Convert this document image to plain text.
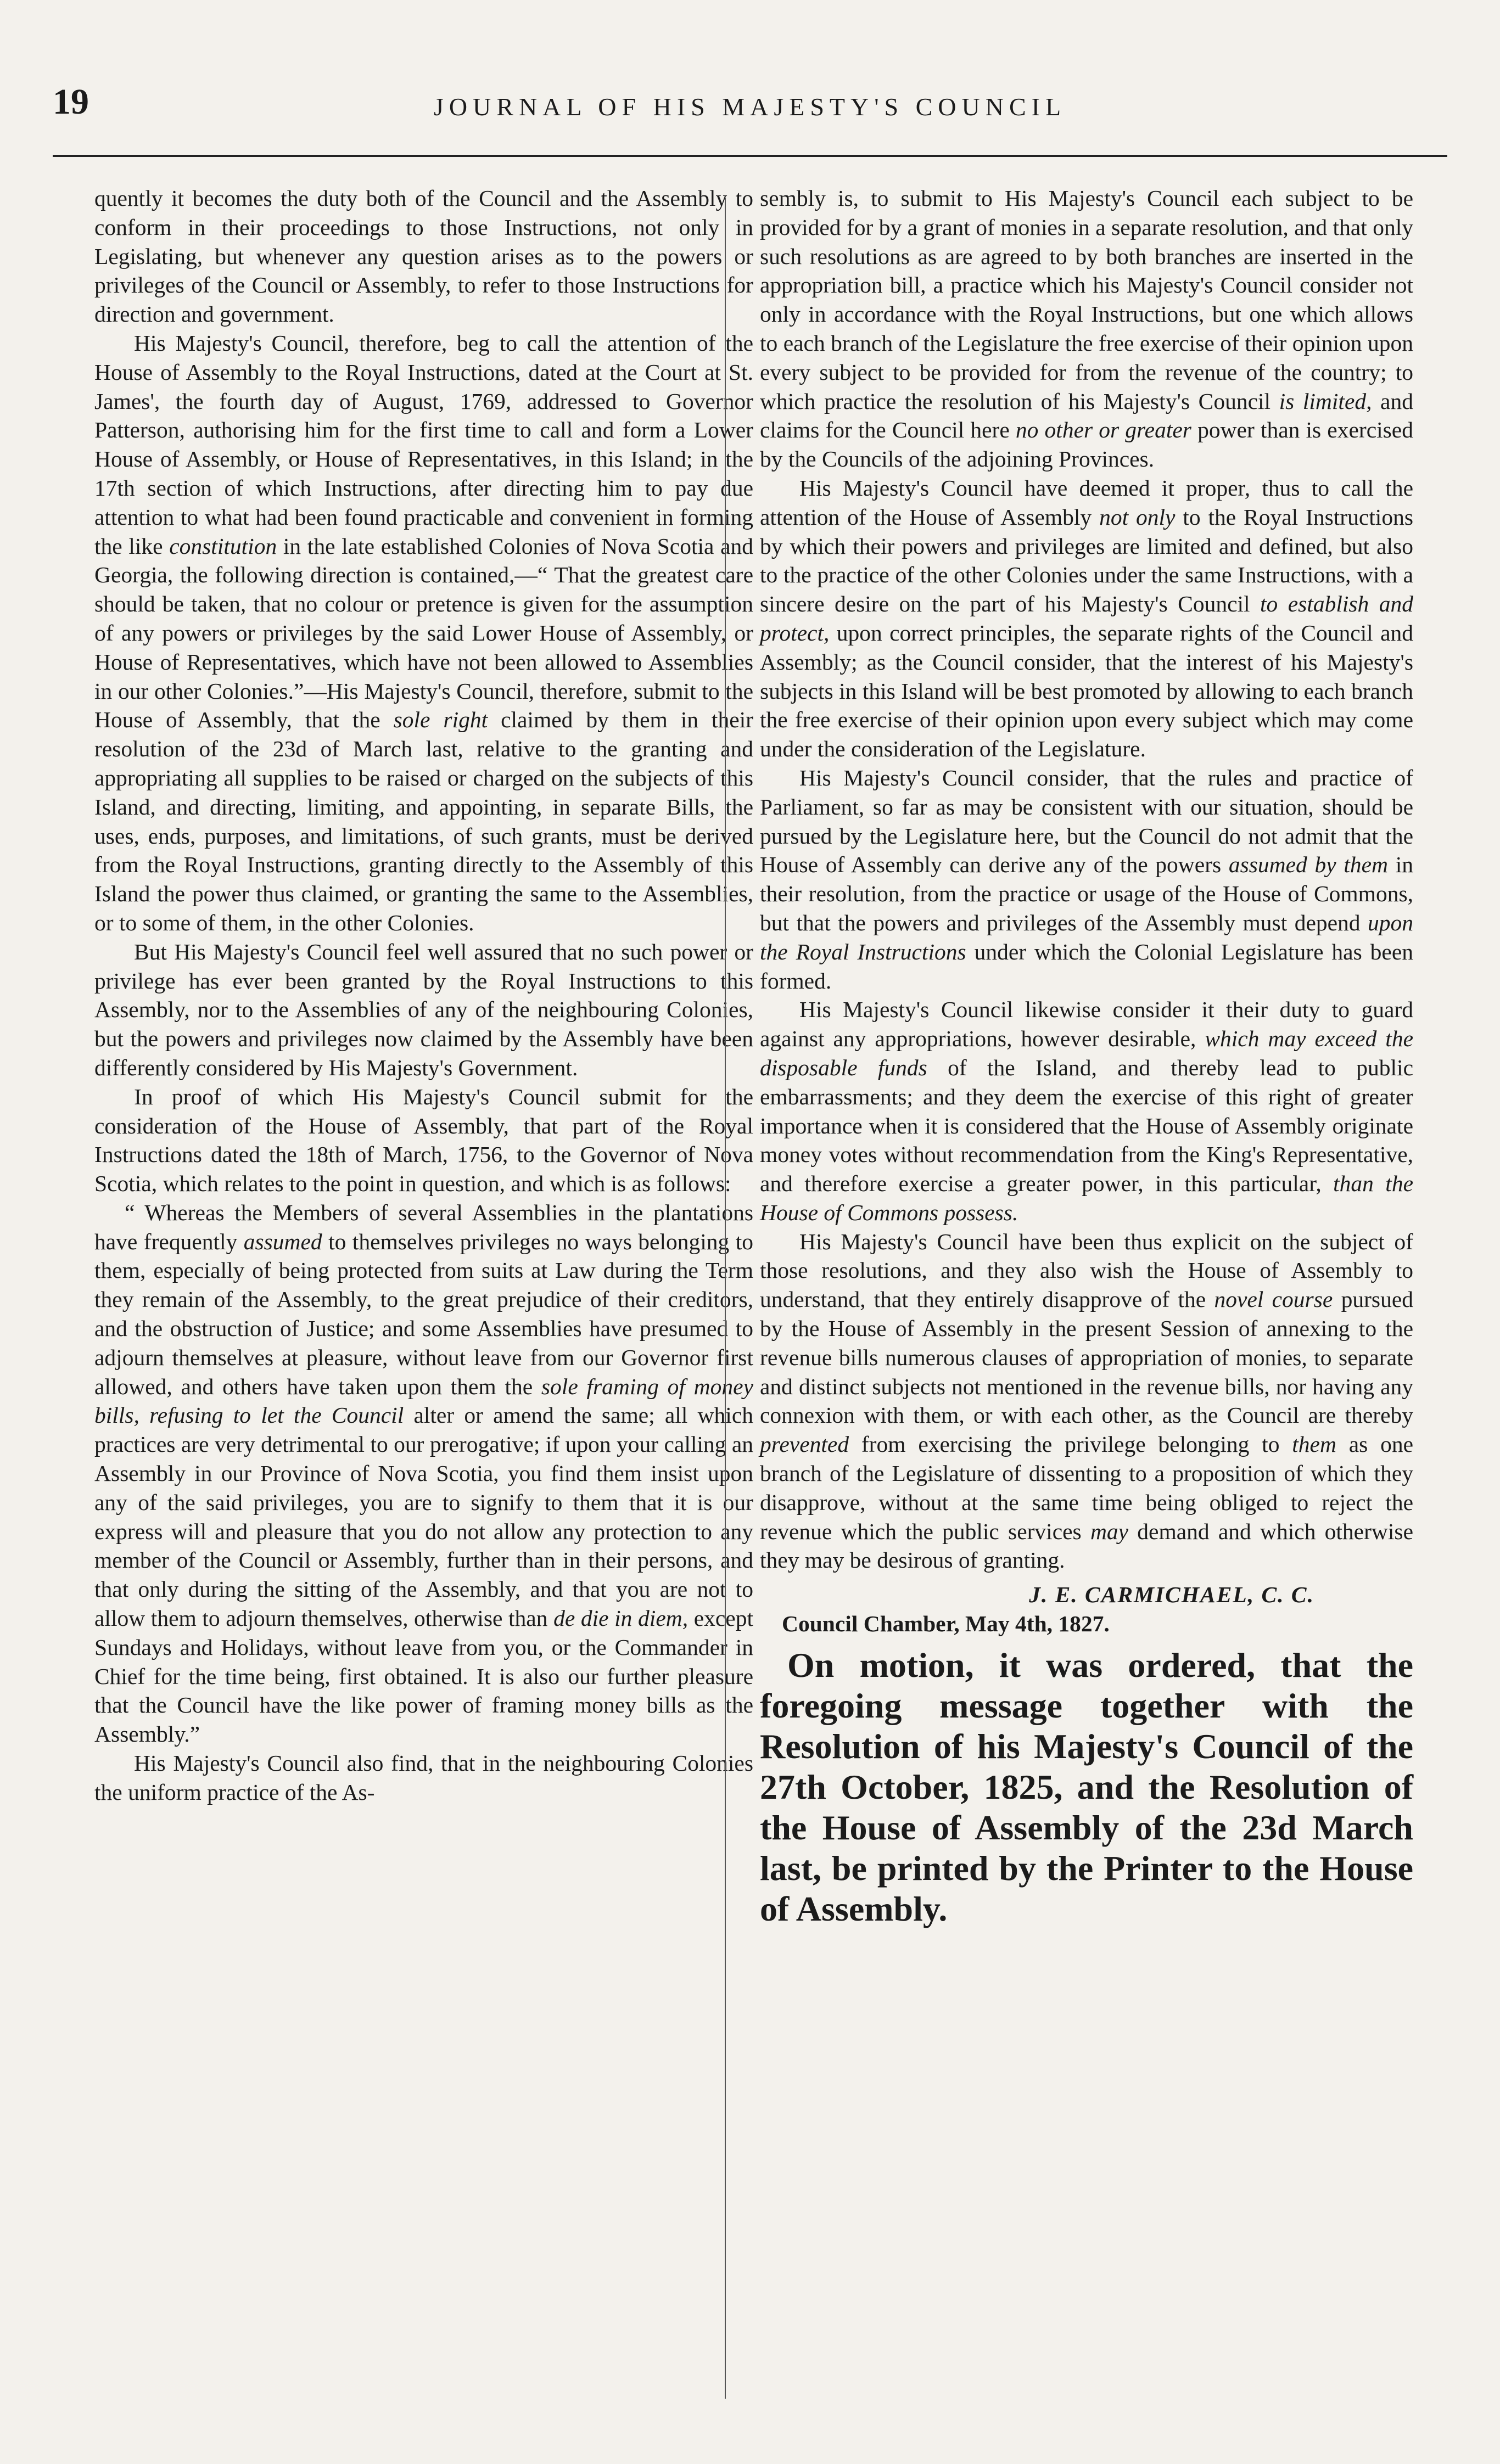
19	JOURNAL OF HIS MAJESTY'S COUNCIL

quently it becomes the duty both of the Council and the Assembly to conform in their proceedings to those Instructions, not only in Legislating, but whenever any question arises as to the powers or privileges of the Council or Assembly, to refer to those Instructions for direction and government.

His Majesty's Council, therefore, beg to call the attention of the House of Assembly to the Royal Instructions, dated at the Court at St. James', the fourth day of August, 1769, addressed to Governor Patterson, authorising him for the first time to call and form a Lower House of Assembly, or House of Representatives, in this Island; in the 17th section of which Instructions, after directing him to pay due attention to what had been found practicable and convenient in forming the like constitution in the late established Colonies of Nova Scotia and Georgia, the following direction is contained,—“ That the greatest care should be taken, that no colour or pretence is given for the assumption of any powers or privileges by the said Lower House of Assembly, or House of Representatives, which have not been allowed to Assemblies in our other Colonies.”—His Majesty's Council, therefore, submit to the House of Assembly, that the sole right claimed by them in their resolution of the 23d of March last, relative to the granting and appropriating all supplies to be raised or charged on the subjects of this Island, and directing, limiting, and appointing, in separate Bills, the uses, ends, purposes, and limitations, of such grants, must be derived from the Royal Instructions, granting directly to the Assembly of this Island the power thus claimed, or granting the same to the Assemblies, or to some of them, in the other Colonies.

But His Majesty's Council feel well assured that no such power or privilege has ever been granted by the Royal Instructions to this Assembly, nor to the Assemblies of any of the neighbouring Colonies, but the powers and privileges now claimed by the Assembly have been differently considered by His Majesty's Government.

In proof of which His Majesty's Council submit for the consideration of the House of Assembly, that part of the Royal Instructions dated the 18th of March, 1756, to the Governor of Nova Scotia, which relates to the point in question, and which is as follows:

“ Whereas the Members of several Assemblies in the plantations have frequently assumed to themselves privileges no ways belonging to them, especially of being protected from suits at Law during the Term they remain of the Assembly, to the great prejudice of their creditors, and the obstruction of Justice; and some Assemblies have presumed to adjourn themselves at pleasure, without leave from our Governor first allowed, and others have taken upon them the sole framing of money bills, refusing to let the Council alter or amend the same; all which practices are very detrimental to our prerogative; if upon your calling an Assembly in our Province of Nova Scotia, you find them insist upon any of the said privileges, you are to signify to them that it is our express will and pleasure that you do not allow any protection to any member of the Council or Assembly, further than in their persons, and that only during the sitting of the Assembly, and that you are not to allow them to adjourn themselves, otherwise than de die in diem, except Sundays and Holidays, without leave from you, or the Commander in Chief for the time being, first obtained. It is also our further pleasure that the Council have the like power of framing money bills as the Assembly.”

His Majesty's Council also find, that in the neighbouring Colonies the uniform practice of the As-

sembly is, to submit to His Majesty's Council each subject to be provided for by a grant of monies in a separate resolution, and that only such resolutions as are agreed to by both branches are inserted in the appropriation bill, a practice which his Majesty's Council consider not only in accordance with the Royal Instructions, but one which allows to each branch of the Legislature the free exercise of their opinion upon every subject to be provided for from the revenue of the country; to which practice the resolution of his Majesty's Council is limited, and claims for the Council here no other or greater power than is exercised by the Councils of the adjoining Provinces.

His Majesty's Council have deemed it proper, thus to call the attention of the House of Assembly not only to the Royal Instructions by which their powers and privileges are limited and defined, but also to the practice of the other Colonies under the same Instructions, with a sincere desire on the part of his Majesty's Council to establish and protect, upon correct principles, the separate rights of the Council and Assembly; as the Council consider, that the interest of his Majesty's subjects in this Island will be best promoted by allowing to each branch the free exercise of their opinion upon every subject which may come under the consideration of the Legislature.

His Majesty's Council consider, that the rules and practice of Parliament, so far as may be consistent with our situation, should be pursued by the Legislature here, but the Council do not admit that the House of Assembly can derive any of the powers assumed by them in their resolution, from the practice or usage of the House of Commons, but that the powers and privileges of the Assembly must depend upon the Royal Instructions under which the Colonial Legislature has been formed.

His Majesty's Council likewise consider it their duty to guard against any appropriations, however desirable, which may exceed the disposable funds of the Island, and thereby lead to public embarrassments; and they deem the exercise of this right of greater importance when it is considered that the House of Assembly originate money votes without recommendation from the King's Representative, and therefore exercise a greater power, in this particular, than the House of Commons possess.

His Majesty's Council have been thus explicit on the subject of those resolutions, and they also wish the House of Assembly to understand, that they entirely disapprove of the novel course pursued by the House of Assembly in the present Session of annexing to the revenue bills numerous clauses of appropriation of monies, to separate and distinct subjects not mentioned in the revenue bills, nor having any connexion with them, or with each other, as the Council are thereby prevented from exercising the privilege belonging to them as one branch of the Legislature of dissenting to a proposition of which they disapprove, without at the same time being obliged to reject the revenue which the public services may demand and which otherwise they may be desirous of granting.

J. E. CARMICHAEL, C. C.

Council Chamber, May 4th, 1827.

On motion, it was ordered, that the foregoing message together with the Resolution of his Majesty's Council of the 27th October, 1825, and the Resolution of the House of Assembly of the 23d March last, be printed by the Printer to the House of Assembly.
